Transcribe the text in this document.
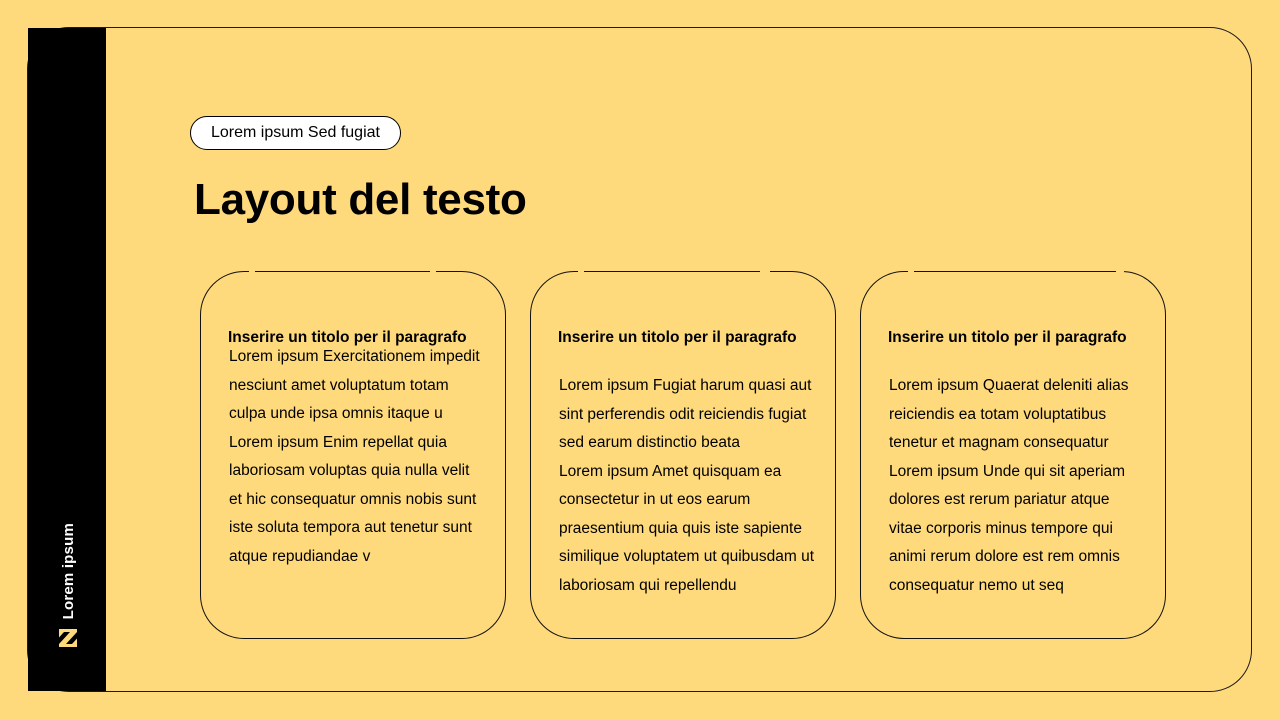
Lorem ipsum
Lorem ipsum Sed fugiat
Layout del testo
Inserire un titolo per il paragrafo

Lorem ipsum Exercitationem impedit nesciunt amet voluptatum totam culpa unde ipsa omnis itaque u

Lorem ipsum Enim repellat quia laboriosam voluptas quia nulla velit et hic consequatur omnis nobis sunt iste soluta tempora aut tenetur sunt atque repudiandae v

Inserire un titolo per il paragrafo

Lorem ipsum Fugiat harum quasi aut sint perferendis odit reiciendis fugiat sed earum distinctio beata

Lorem ipsum Amet quisquam ea consectetur in ut eos earum praesentium quia quis iste sapiente similique voluptatem ut quibusdam ut laboriosam qui repellendu

Inserire un titolo per il paragrafo

Lorem ipsum Quaerat deleniti alias reiciendis ea totam voluptatibus tenetur et magnam consequatur

Lorem ipsum Unde qui sit aperiam dolores est rerum pariatur atque vitae corporis minus tempore qui animi rerum dolore est rem omnis consequatur nemo ut seq
